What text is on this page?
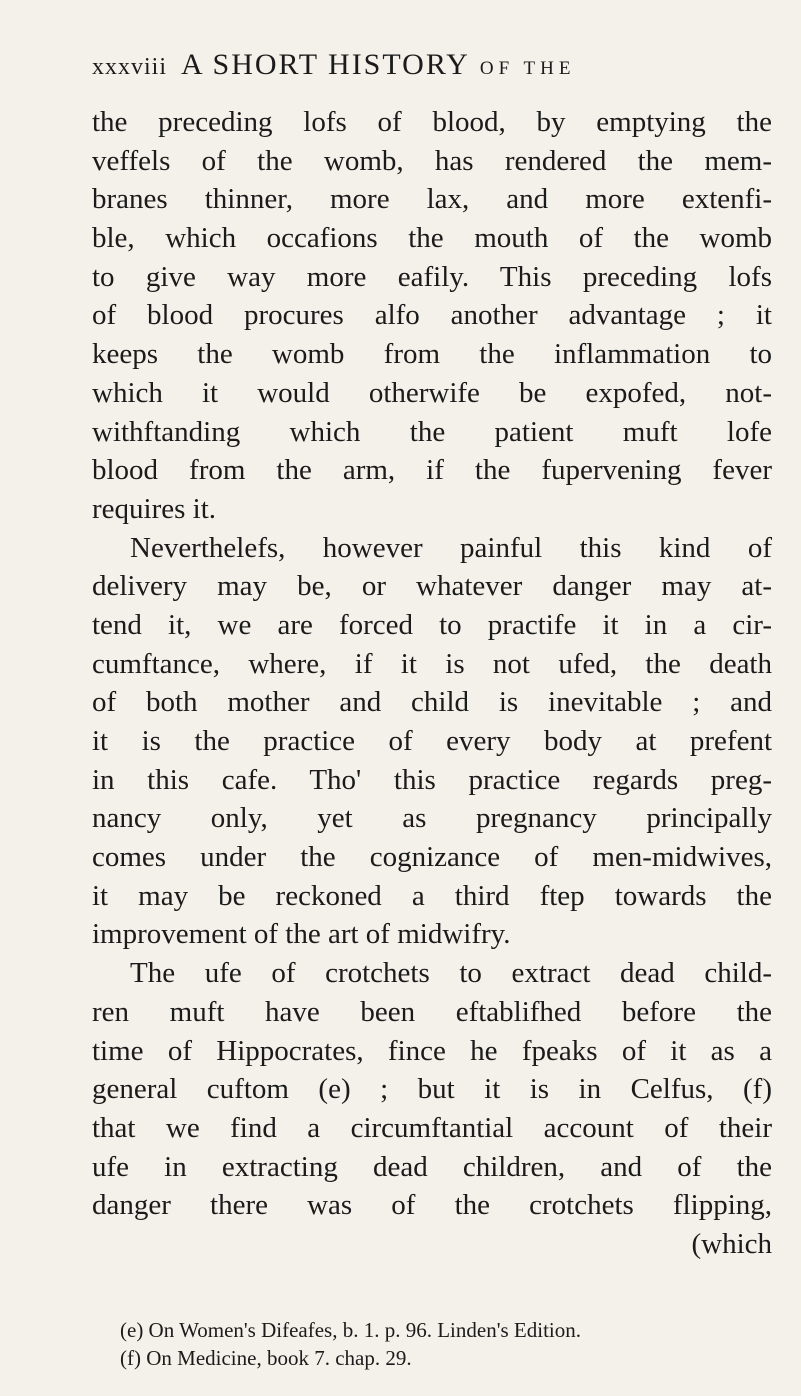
xxxviii A SHORT HISTORY OF THE
the preceding lofs of blood, by emptying the
veffels of the womb, has rendered the mem-
branes thinner, more lax, and more extenfi-
ble, which occafions the mouth of the womb
to give way more eafily. This preceding lofs
of blood procures alfo another advantage ; it
keeps the womb from the inflammation to
which it would otherwife be expofed, not-
withftanding which the patient muft lofe
blood from the arm, if the fupervening fever
requires it.
Neverthelefs, however painful this kind of
delivery may be, or whatever danger may at-
tend it, we are forced to practife it in a cir-
cumftance, where, if it is not ufed, the death
of both mother and child is inevitable ; and
it is the practice of every body at prefent
in this cafe. Tho' this practice regards preg-
nancy only, yet as pregnancy principally
comes under the cognizance of men-midwives,
it may be reckoned a third ftep towards the
improvement of the art of midwifry.
The ufe of crotchets to extract dead child-
ren muft have been eftablifhed before the
time of Hippocrates, fince he fpeaks of it as a
general cuftom (e) ; but it is in Celfus, (f)
that we find a circumftantial account of their
ufe in extracting dead children, and of the
danger there was of the crotchets flipping,
(which
(e) On Women's Difeafes, b. 1. p. 96. Linden's Edition.
(f) On Medicine, book 7. chap. 29.
